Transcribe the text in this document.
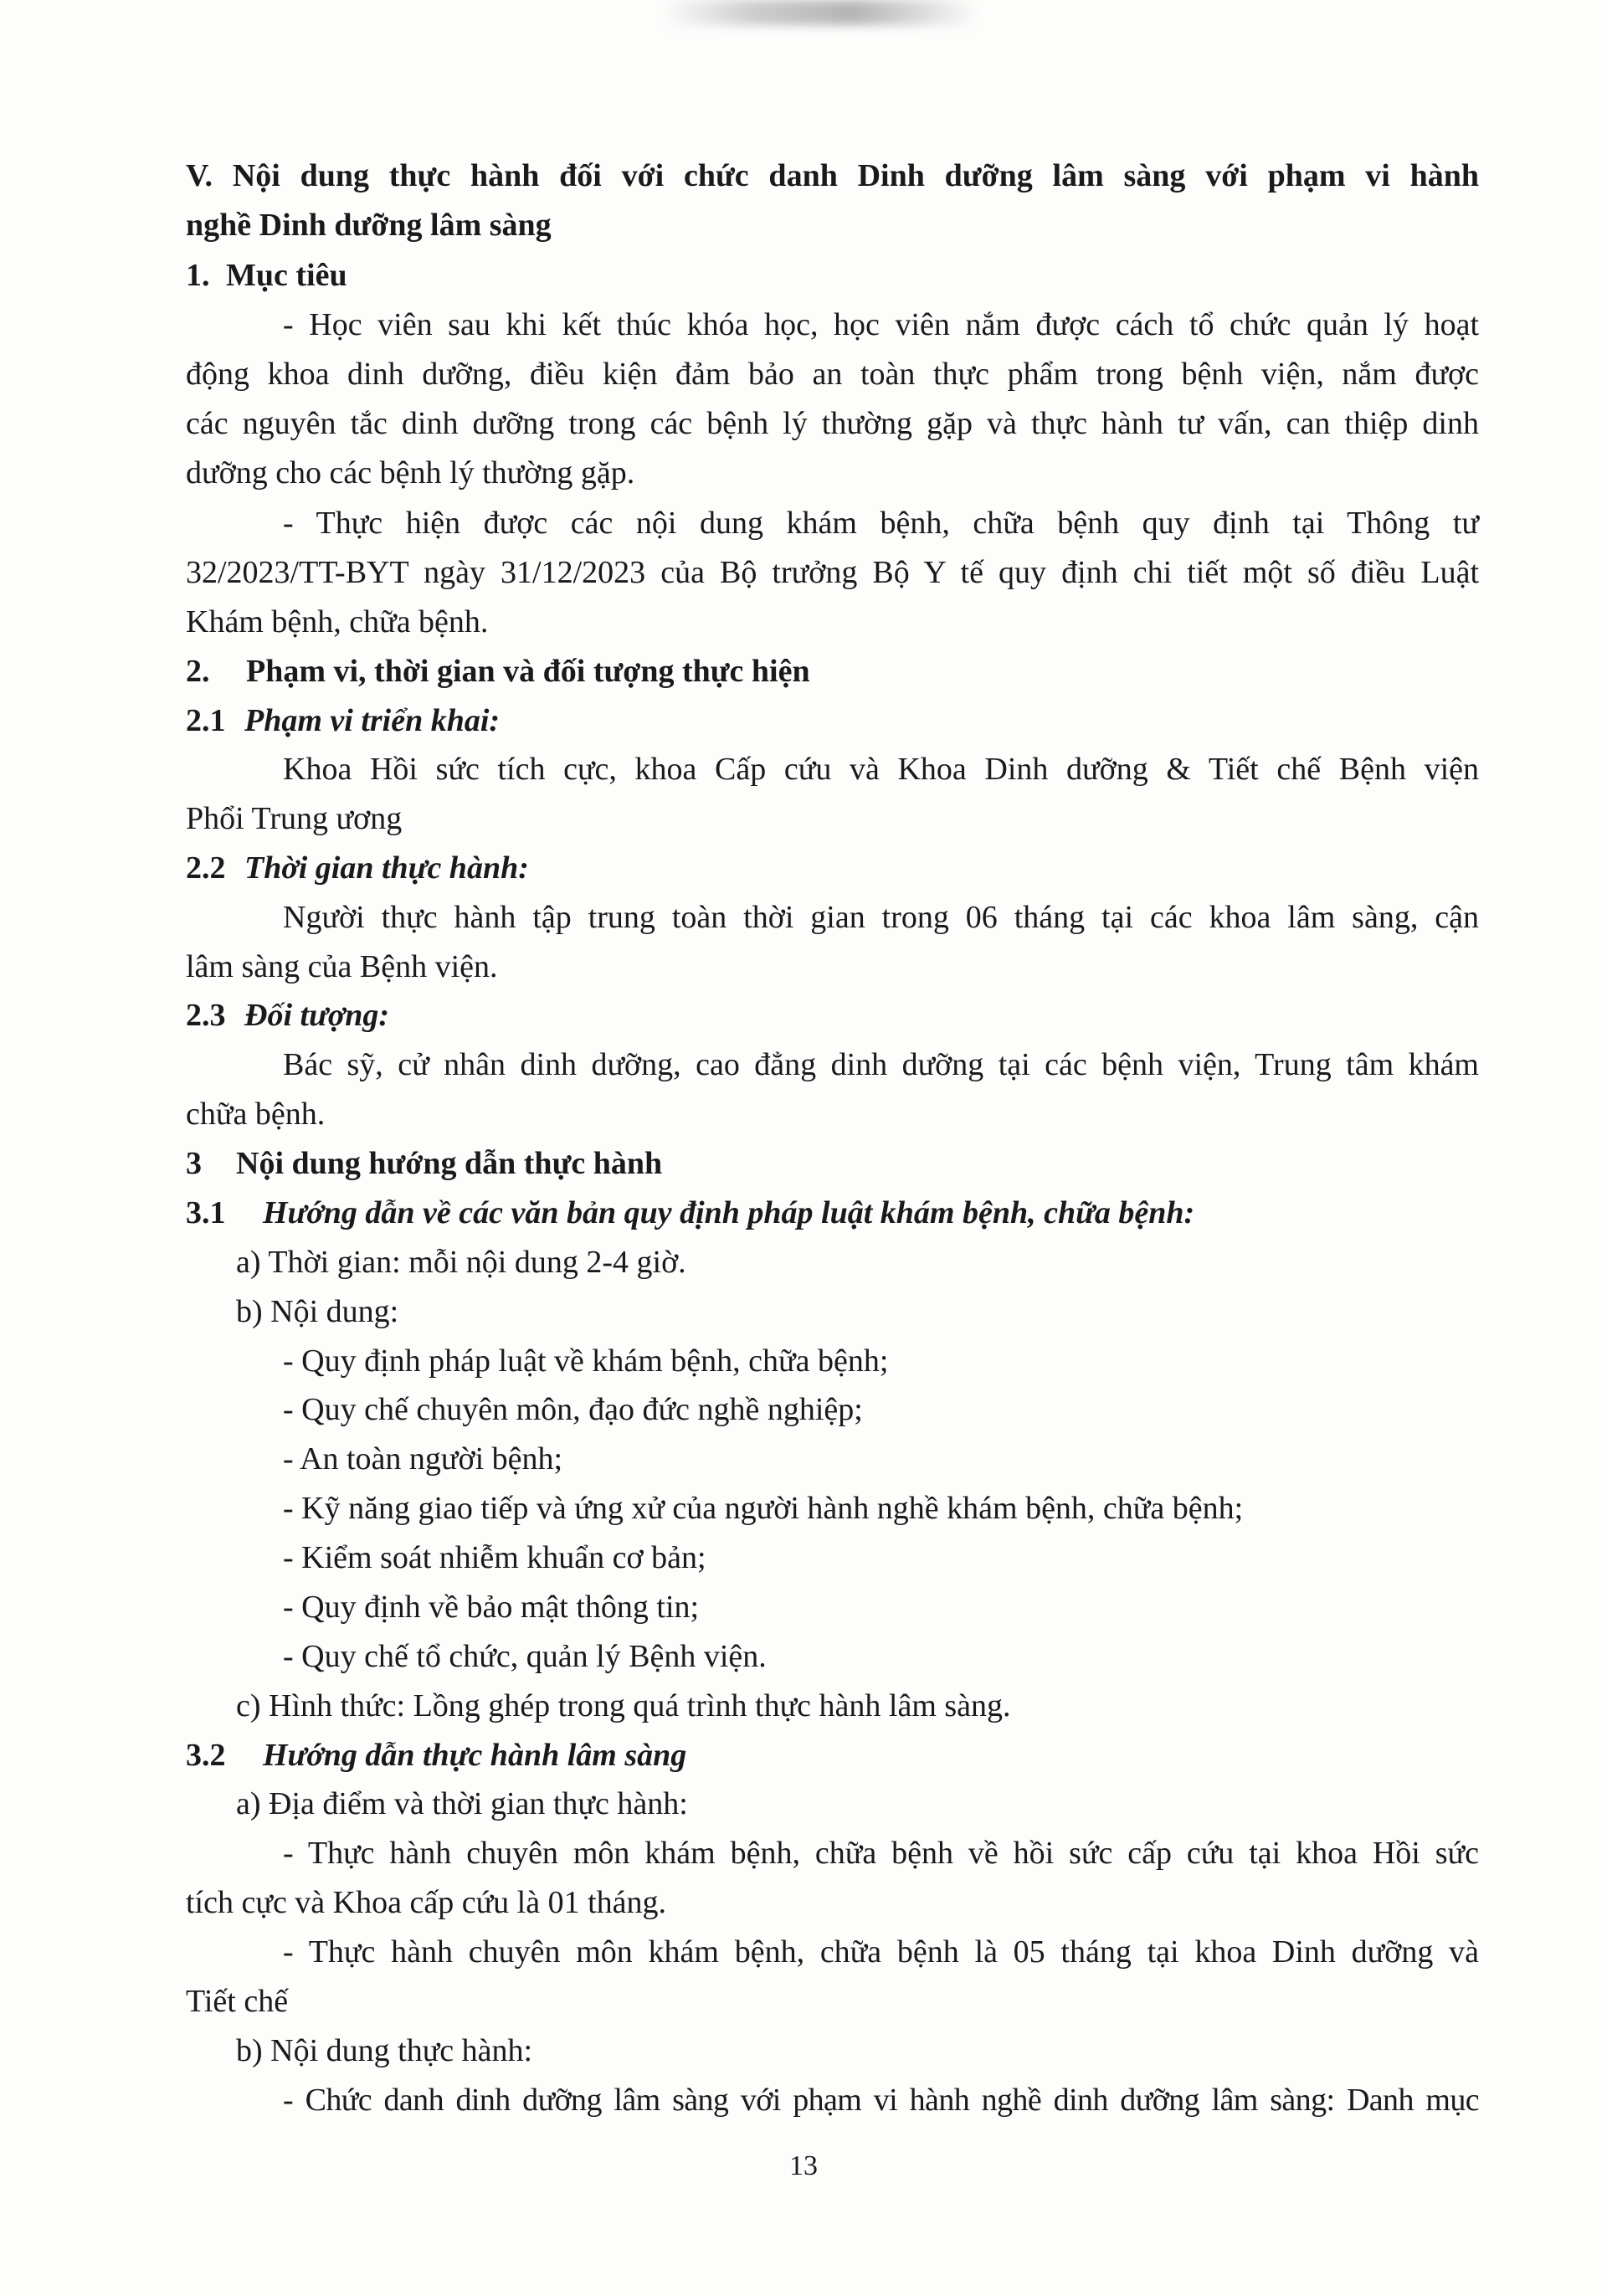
V. Nội dung thực hành đối với chức danh Dinh dưỡng lâm sàng với phạm vi hành
nghề Dinh dưỡng lâm sàng
1. Mục tiêu
- Học viên sau khi kết thúc khóa học, học viên nắm được cách tổ chức quản lý hoạt
động khoa dinh dưỡng, điều kiện đảm bảo an toàn thực phẩm trong bệnh viện, nắm được
các nguyên tắc dinh dưỡng trong các bệnh lý thường gặp và thực hành tư vấn, can thiệp dinh
dưỡng cho các bệnh lý thường gặp.
- Thực hiện được các nội dung khám bệnh, chữa bệnh quy định tại Thông tư
32/2023/TT-BYT ngày 31/12/2023 của Bộ trưởng Bộ Y tế quy định chi tiết một số điều Luật
Khám bệnh, chữa bệnh.
2. Phạm vi, thời gian và đối tượng thực hiện
2.1 Phạm vi triển khai:
Khoa Hồi sức tích cực, khoa Cấp cứu và Khoa Dinh dưỡng & Tiết chế Bệnh viện
Phổi Trung ương
2.2 Thời gian thực hành:
Người thực hành tập trung toàn thời gian trong 06 tháng tại các khoa lâm sàng, cận
lâm sàng của Bệnh viện.
2.3 Đối tượng:
Bác sỹ, cử nhân dinh dưỡng, cao đẳng dinh dưỡng tại các bệnh viện, Trung tâm khám
chữa bệnh.
3 Nội dung hướng dẫn thực hành
3.1 Hướng dẫn về các văn bản quy định pháp luật khám bệnh, chữa bệnh:
a) Thời gian: mỗi nội dung 2-4 giờ.
b) Nội dung:
- Quy định pháp luật về khám bệnh, chữa bệnh;
- Quy chế chuyên môn, đạo đức nghề nghiệp;
- An toàn người bệnh;
- Kỹ năng giao tiếp và ứng xử của người hành nghề khám bệnh, chữa bệnh;
- Kiểm soát nhiễm khuẩn cơ bản;
- Quy định về bảo mật thông tin;
- Quy chế tổ chức, quản lý Bệnh viện.
c) Hình thức: Lồng ghép trong quá trình thực hành lâm sàng.
3.2 Hướng dẫn thực hành lâm sàng
a) Địa điểm và thời gian thực hành:
- Thực hành chuyên môn khám bệnh, chữa bệnh về hồi sức cấp cứu tại khoa Hồi sức
tích cực và Khoa cấp cứu là 01 tháng.
- Thực hành chuyên môn khám bệnh, chữa bệnh là 05 tháng tại khoa Dinh dưỡng và
Tiết chế
b) Nội dung thực hành:
- Chức danh dinh dưỡng lâm sàng với phạm vi hành nghề dinh dưỡng lâm sàng: Danh mục
13
